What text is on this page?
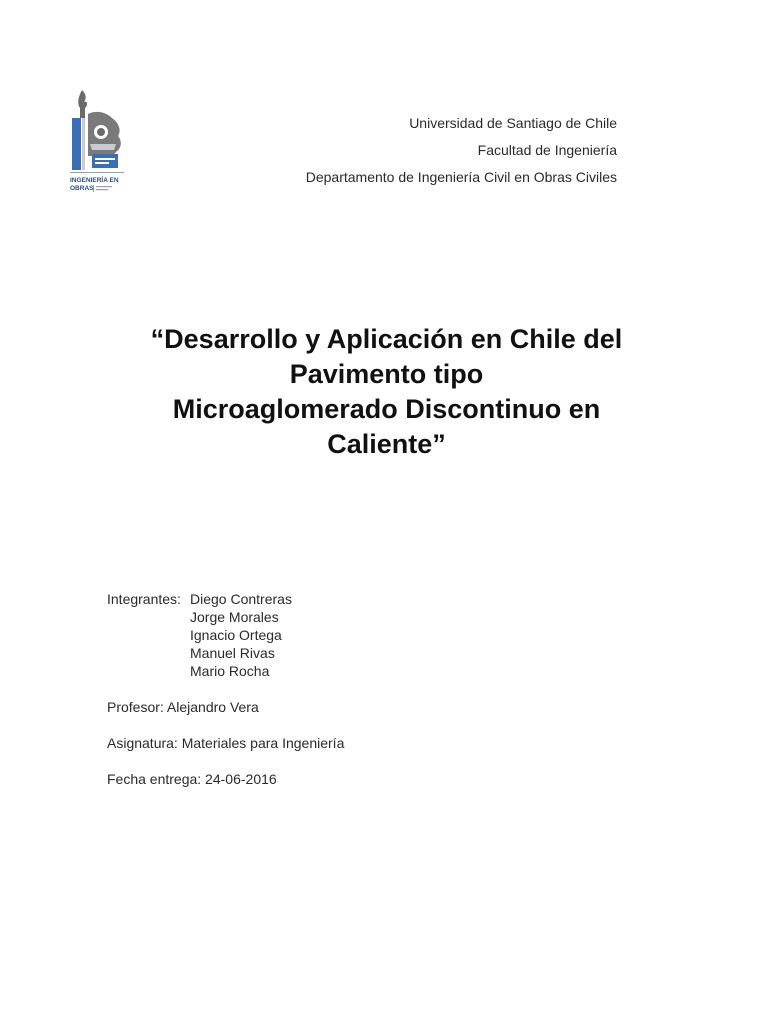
INGENIERÍA EN
OBRAS
Universidad de Santiago de Chile
Facultad de Ingeniería
Departamento de Ingeniería Civil en Obras Civiles
“Desarrollo y Aplicación en Chile del
Pavimento tipo
Microaglomerado Discontinuo en
Caliente”
Integrantes: Diego Contreras
Jorge Morales
Ignacio Ortega
Manuel Rivas
Mario Rocha
Profesor: Alejandro Vera
Asignatura: Materiales para Ingeniería
Fecha entrega: 24-06-2016
